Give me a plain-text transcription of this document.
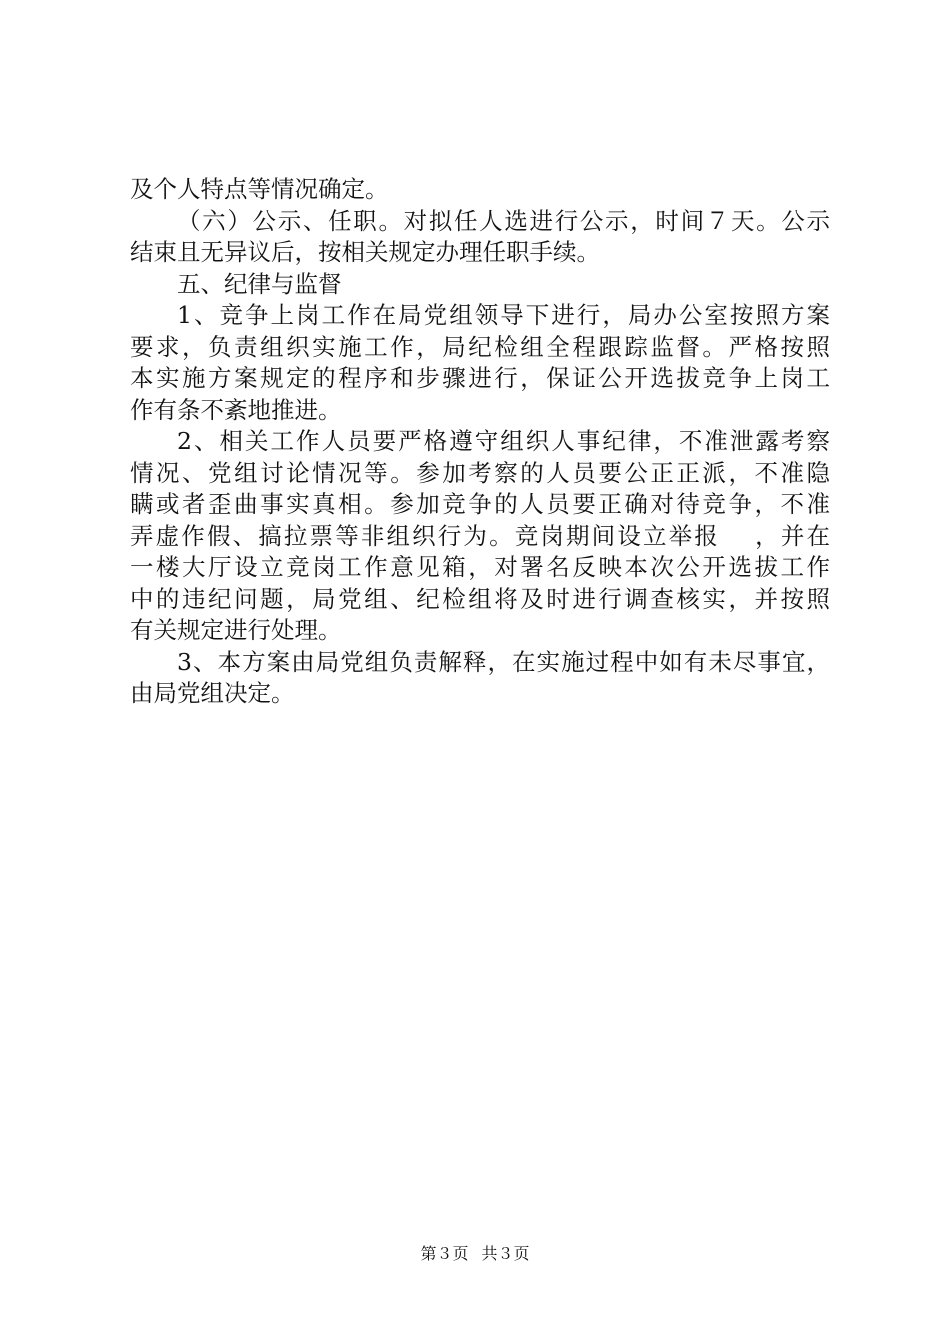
及个人特点等情况确定。
（六）公示、任职。对拟任人选进行公示，时间７天。公示
结束且无异议后，按相关规定办理任职手续。
五、纪律与监督
1、竞争上岗工作在局党组领导下进行，局办公室按照方案
要求，负责组织实施工作，局纪检组全程跟踪监督。严格按照
本实施方案规定的程序和步骤进行，保证公开选拔竞争上岗工
作有条不紊地推进。
2、相关工作人员要严格遵守组织人事纪律，不准泄露考察
情况、党组讨论情况等。参加考察的人员要公正正派，不准隐
瞒或者歪曲事实真相。参加竞争的人员要正确对待竞争，不准
弄虚作假、搞拉票等非组织行为。竞岗期间设立举报　 ，并在
一楼大厅设立竞岗工作意见箱，对署名反映本次公开选拔工作
中的违纪问题，局党组、纪检组将及时进行调查核实，并按照
有关规定进行处理。
3、本方案由局党组负责解释，在实施过程中如有未尽事宜，
由局党组决定。
第３页 共３页
